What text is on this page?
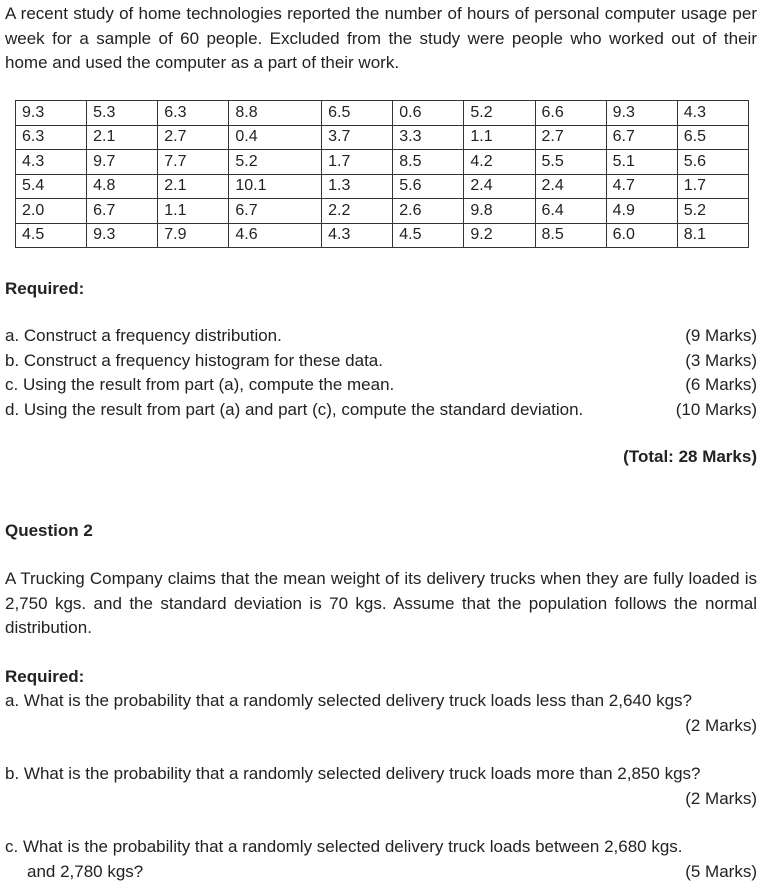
A recent study of home technologies reported the number of hours of personal computer usage per week for a sample of 60 people. Excluded from the study were people who worked out of their home and used the computer as a part of their work.

9.3	5.3	6.3	8.8	6.5	0.6	5.2	6.6	9.3	4.3
6.3	2.1	2.7	0.4	3.7	3.3	1.1	2.7	6.7	6.5
4.3	9.7	7.7	5.2	1.7	8.5	4.2	5.5	5.1	5.6
5.4	4.8	2.1	10.1	1.3	5.6	2.4	2.4	4.7	1.7
2.0	6.7	1.1	6.7	2.2	2.6	9.8	6.4	4.9	5.2
4.5	9.3	7.9	4.6	4.3	4.5	9.2	8.5	6.0	8.1
Required:
a. Construct a frequency distribution.	(9 Marks)
b. Construct a frequency histogram for these data.	(3 Marks)
c. Using the result from part (a), compute the mean.	(6 Marks)
d. Using the result from part (a) and part (c), compute the standard deviation.	(10 Marks)
(Total: 28 Marks)
Question 2

A Trucking Company claims that the mean weight of its delivery trucks when they are fully loaded is 2,750 kgs. and the standard deviation is 70 kgs. Assume that the population follows the normal distribution.

Required:
a. What is the probability that a randomly selected delivery truck loads less than 2,640 kgs?
(2 Marks)
b. What is the probability that a randomly selected delivery truck loads more than 2,850 kgs?
(2 Marks)
c. What is the probability that a randomly selected delivery truck loads between 2,680 kgs.
and 2,780 kgs?	(5 Marks)
